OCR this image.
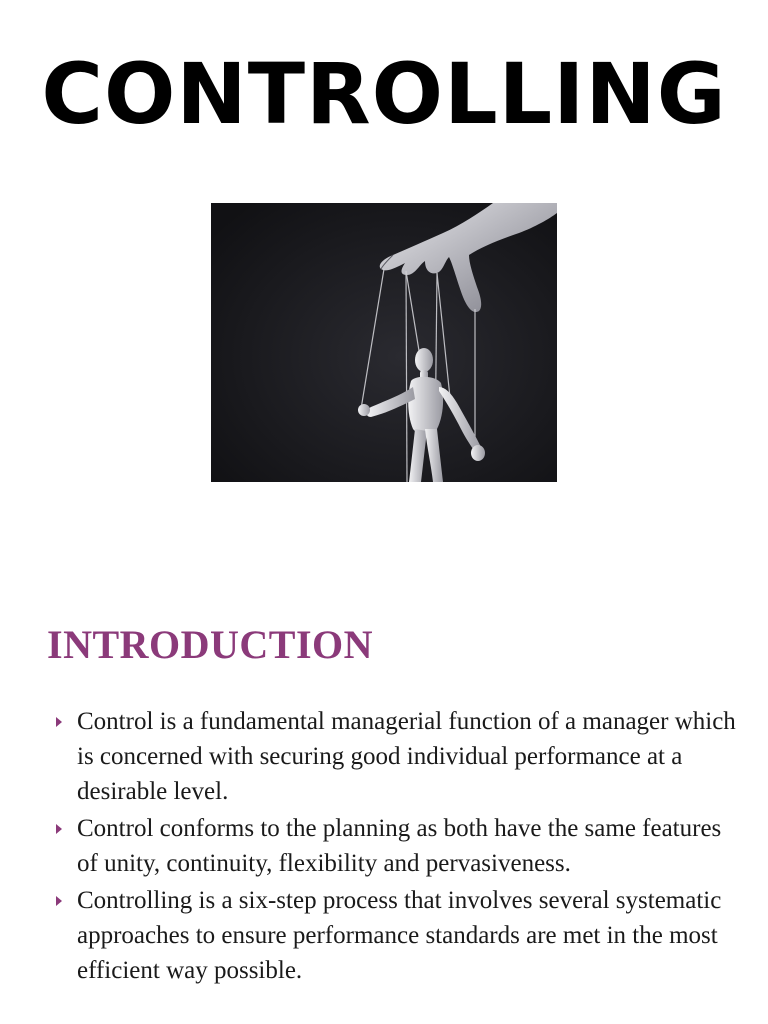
CONTROLLING
INTRODUCTION
Control is a fundamental managerial function of a manager which is concerned with securing good individual performance at a desirable level.
Control conforms to the planning as both have the same features of unity, continuity, flexibility and pervasiveness.
Controlling is a six-step process that involves several systematic approaches to ensure performance standards are met in the most efficient way possible.
